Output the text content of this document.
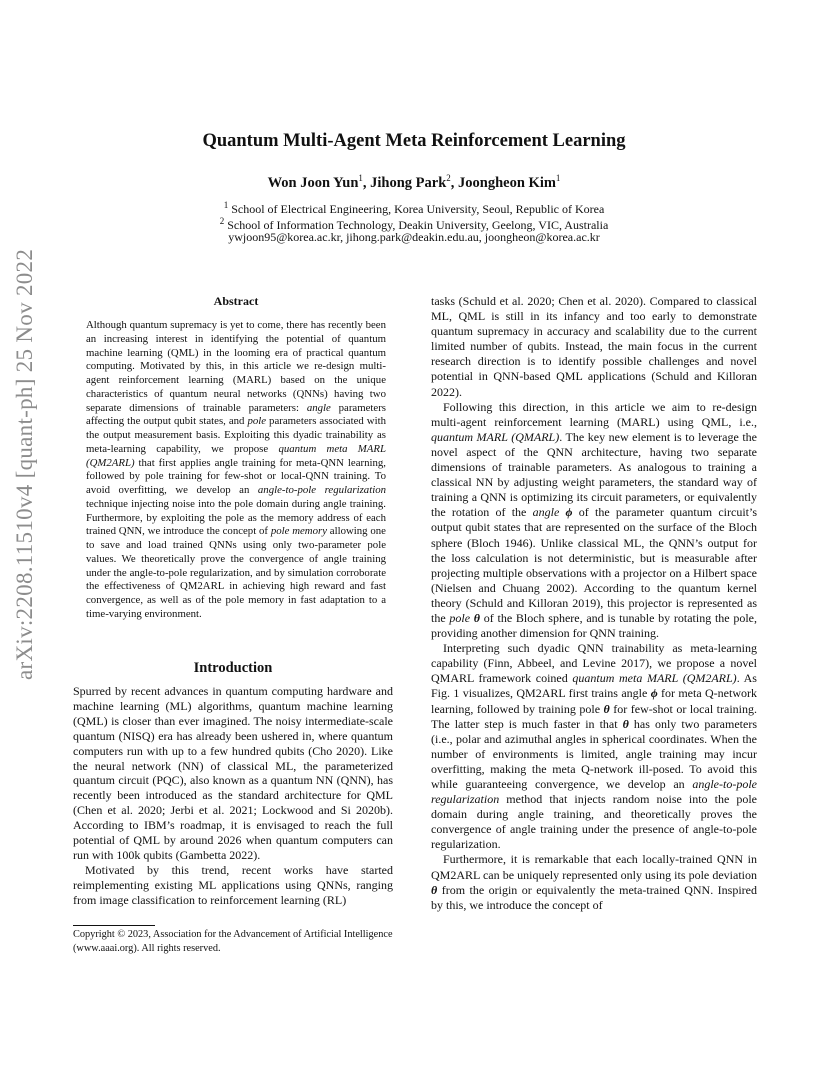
arXiv:2208.11510v4 [quant-ph] 25 Nov 2022
Quantum Multi-Agent Meta Reinforcement Learning
Won Joon Yun$^1$, Jihong Park$^2$, Joongheon Kim$^1$
$^1$ School of Electrical Engineering, Korea University, Seoul, Republic of Korea
$^2$ School of Information Technology, Deakin University, Geelong, VIC, Australia
ywjoon95@korea.ac.kr, jihong.park@deakin.edu.au, joongheon@korea.ac.kr
Abstract
Although quantum supremacy is yet to come, there has recently been an increasing interest in identifying the potential of quantum machine learning (QML) in the looming era of practical quantum computing. Motivated by this, in this article we re-design multi-agent reinforcement learning (MARL) based on the unique characteristics of quantum neural networks (QNNs) having two separate dimensions of trainable parameters: angle parameters affecting the output qubit states, and pole parameters associated with the output measurement basis. Exploiting this dyadic trainability as meta-learning capability, we propose quantum meta MARL (QM2ARL) that first applies angle training for meta-QNN learning, followed by pole training for few-shot or local-QNN training. To avoid overfitting, we develop an angle-to-pole regularization technique injecting noise into the pole domain during angle training. Furthermore, by exploiting the pole as the memory address of each trained QNN, we introduce the concept of pole memory allowing one to save and load trained QNNs using only two-parameter pole values. We theoretically prove the convergence of angle training under the angle-to-pole regularization, and by simulation corroborate the effectiveness of QM2ARL in achieving high reward and fast convergence, as well as of the pole memory in fast adaptation to a time-varying environment.
Introduction

Spurred by recent advances in quantum computing hardware and machine learning (ML) algorithms, quantum machine learning (QML) is closer than ever imagined. The noisy intermediate-scale quantum (NISQ) era has already been ushered in, where quantum computers run with up to a few hundred qubits (Cho 2020). Like the neural network (NN) of classical ML, the parameterized quantum circuit (PQC), also known as a quantum NN (QNN), has recently been introduced as the standard architecture for QML (Chen et al. 2020; Jerbi et al. 2021; Lockwood and Si 2020b). According to IBM’s roadmap, it is envisaged to reach the full potential of QML by around 2026 when quantum computers can run with 100k qubits (Gambetta 2022).

Motivated by this trend, recent works have started reimplementing existing ML applications using QNNs, ranging from image classification to reinforcement learning (RL)

Copyright © 2023, Association for the Advancement of Artificial Intelligence (www.aaai.org). All rights reserved.

tasks (Schuld et al. 2020; Chen et al. 2020). Compared to classical ML, QML is still in its infancy and too early to demonstrate quantum supremacy in accuracy and scalability due to the current limited number of qubits. Instead, the main focus in the current research direction is to identify possible challenges and novel potential in QNN-based QML applications (Schuld and Killoran 2022).

Following this direction, in this article we aim to re-design multi-agent reinforcement learning (MARL) using QML, i.e., quantum MARL (QMARL). The key new element is to leverage the novel aspect of the QNN architecture, having two separate dimensions of trainable parameters. As analogous to training a classical NN by adjusting weight parameters, the standard way of training a QNN is optimizing its circuit parameters, or equivalently the rotation of the angle ϕ of the parameter quantum circuit’s output qubit states that are represented on the surface of the Bloch sphere (Bloch 1946). Unlike classical ML, the QNN’s output for the loss calculation is not deterministic, but is measurable after projecting multiple observations with a projector on a Hilbert space (Nielsen and Chuang 2002). According to the quantum kernel theory (Schuld and Killoran 2019), this projector is represented as the pole θ of the Bloch sphere, and is tunable by rotating the pole, providing another dimension for QNN training.

Interpreting such dyadic QNN trainability as meta-learning capability (Finn, Abbeel, and Levine 2017), we propose a novel QMARL framework coined quantum meta MARL (QM2ARL). As Fig. 1 visualizes, QM2ARL first trains angle ϕ for meta Q-network learning, followed by training pole θ for few-shot or local training. The latter step is much faster in that θ has only two parameters (i.e., polar and azimuthal angles in spherical coordinates. When the number of environments is limited, angle training may incur overfitting, making the meta Q-network ill-posed. To avoid this while guaranteeing convergence, we develop an angle-to-pole regularization method that injects random noise into the pole domain during angle training, and theoretically proves the convergence of angle training under the presence of angle-to-pole regularization.

Furthermore, it is remarkable that each locally-trained QNN in QM2ARL can be uniquely represented only using its pole deviation θ from the origin or equivalently the meta-trained QNN. Inspired by this, we introduce the concept of
